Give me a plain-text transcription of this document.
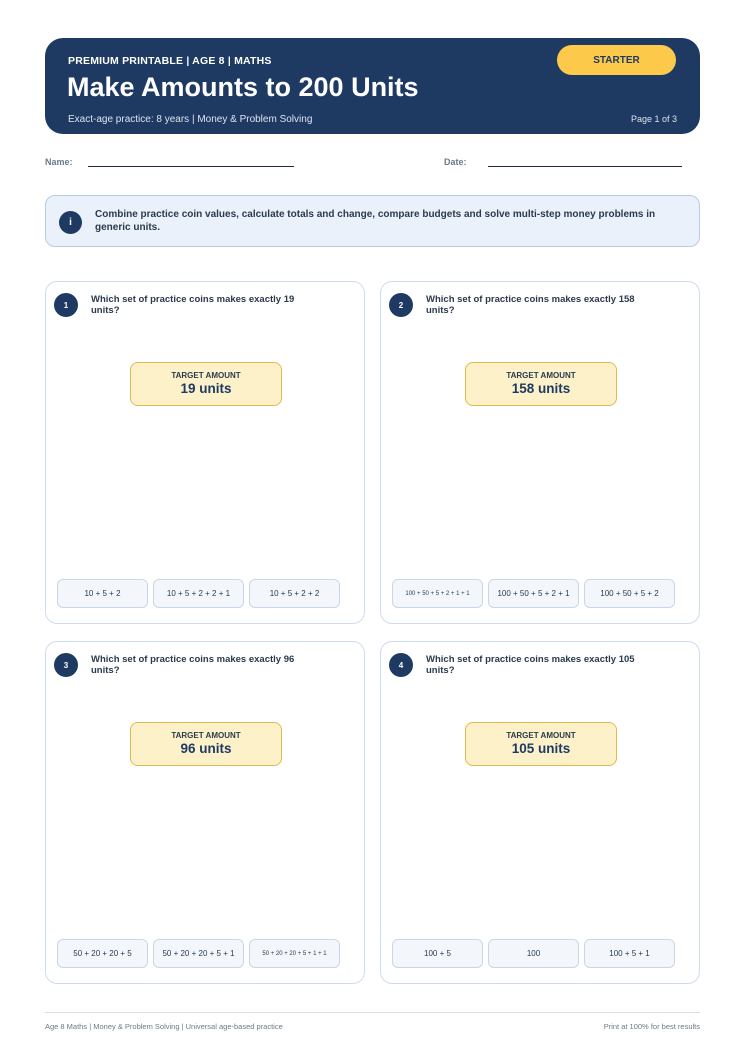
PREMIUM PRINTABLE | AGE 8 | MATHS
Make Amounts to 200 Units
Exact-age practice: 8 years | Money & Problem Solving	Page 1 of 3
STARTER
Name:	Date:
i
Combine practice coin values, calculate totals and change, compare budgets and solve multi-step money problems in generic units.
1	Which set of practice coins makes exactly 19 units?
TARGET AMOUNT
19 units
10 + 5 + 2	10 + 5 + 2 + 2 + 1	10 + 5 + 2 + 2
2	Which set of practice coins makes exactly 158 units?
TARGET AMOUNT
158 units
100 + 50 + 5 + 2 + 1 + 1	100 + 50 + 5 + 2 + 1	100 + 50 + 5 + 2
3	Which set of practice coins makes exactly 96 units?
TARGET AMOUNT
96 units
50 + 20 + 20 + 5	50 + 20 + 20 + 5 + 1	50 + 20 + 20 + 5 + 1 + 1
4	Which set of practice coins makes exactly 105 units?
TARGET AMOUNT
105 units
100 + 5	100	100 + 5 + 1
Age 8 Maths | Money & Problem Solving | Universal age-based practice	Print at 100% for best results
